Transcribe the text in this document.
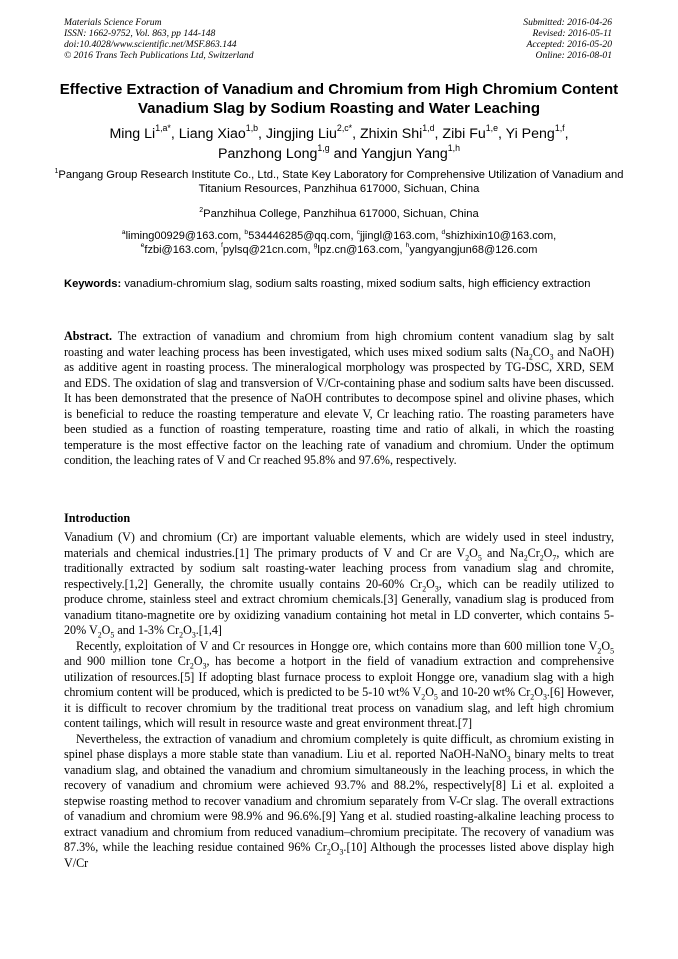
Materials Science Forum
ISSN: 1662-9752, Vol. 863, pp 144-148
doi:10.4028/www.scientific.net/MSF.863.144
© 2016 Trans Tech Publications Ltd, Switzerland
Submitted: 2016-04-26
Revised: 2016-05-11
Accepted: 2016-05-20
Online: 2016-08-01
Effective Extraction of Vanadium and Chromium from High Chromium Content Vanadium Slag by Sodium Roasting and Water Leaching
Ming $Li^{1,a*}$, Liang Xiao$^{1,b}$, Jingjing Liu$^{2,c*}$, Zhixin Shi$^{1,d}$, Zibi Fu$^{1,e}$, Yi Peng$^{1,f}$,
Panzhong Long$^{1,g}$ and Yangjun Yang$^{1,h}$
$^1$Pangang Group Research Institute Co., Ltd., State Key Laboratory for Comprehensive Utilization of Vanadium and Titanium Resources, Panzhihua 617000, Sichuan, China
$^2$Panzhihua College, Panzhihua 617000, Sichuan, China
$^a$liming00929@163.com, $^b$534446285@qq.com, $^c$jjingl@163.com, $^d$shizhixin10@163.com,
$^e$fzbi@163.com, $^f$pylsq@21cn.com, $^g$lpz.cn@163.com, $^h$yangyangjun68@126.com
Keywords: vanadium-chromium slag, sodium salts roasting, mixed sodium salts, high efficiency extraction
Abstract. The extraction of vanadium and chromium from high chromium content vanadium slag by salt roasting and water leaching process has been investigated, which uses mixed sodium salts ($Na_2CO_3$ and NaOH) as additive agent in roasting process. The mineralogical morphology was prospected by TG-DSC, XRD, SEM and EDS. The oxidation of slag and transversion of V/Cr-containing phase and sodium salts have been discussed. It has been demonstrated that the presence of NaOH contributes to decompose spinel and olivine phases, which is beneficial to reduce the roasting temperature and elevate V, Cr leaching ratio. The roasting parameters have been studied as a function of roasting temperature, roasting time and ratio of alkali, in which the roasting temperature is the most effective factor on the leaching rate of vanadium and chromium. Under the optimum condition, the leaching rates of V and Cr reached 95.8% and 97.6%, respectively.
Introduction

Vanadium (V) and chromium (Cr) are important valuable elements, which are widely used in steel industry, materials and chemical industries.[1] The primary products of V and Cr are $V_2O_5$ and $Na_2Cr_2O_7$, which are traditionally extracted by sodium salt roasting-water leaching process from vanadium slag and chromite, respectively.[1,2] Generally, the chromite usually contains 20-60% $Cr_2O_3$, which can be readily utilized to produce chrome, stainless steel and extract chromium chemicals.[3] Generally, vanadium slag is produced from vanadium titano-magnetite ore by oxidizing vanadium containing hot metal in LD converter, which contains 5-20% $V_2O_5$ and 1-3% $Cr_2O_3.[1,4]$

Recently, exploitation of V and Cr resources in Hongge ore, which contains more than 600 million tone $V_2O_5$ and 900 million tone $Cr_2O_3$, has become a hotport in the field of vanadium extraction and comprehensive utilization of resources.[5] If adopting blast furnace process to exploit Hongge ore, vanadium slag with a high chromium content will be produced, which is predicted to be 5-10 wt% $V_2O_5$ and 10-20 wt% $Cr_2O_3.[6]$ However, it is difficult to recover chromium by the traditional treat process on vanadium slag, and left high chromium content tailings, which will result in resource waste and great environment threat.[7]

Nevertheless, the extraction of vanadium and chromium completely is quite difficult, as chromium existing in spinel phase displays a more stable state than vanadium. Liu et al. reported NaOH-NaNO$_3$ binary melts to treat vanadium slag, and obtained the vanadium and chromium simultaneously in the leaching process, in which the recovery of vanadium and chromium were achieved 93.7% and 88.2%, respectively[8] Li et al. exploited a stepwise roasting method to recover vanadium and chromium separately from V-Cr slag. The overall extractions of vanadium and chromium were 98.9% and 96.6%.[9] Yang et al. studied roasting-alkaline leaching process to extract vanadium and chromium from reduced vanadium–chromium precipitate. The recovery of vanadium was 87.3%, while the leaching residue contained 96% $Cr_2O_3.[10]$ Although the processes listed above display high V/Cr
